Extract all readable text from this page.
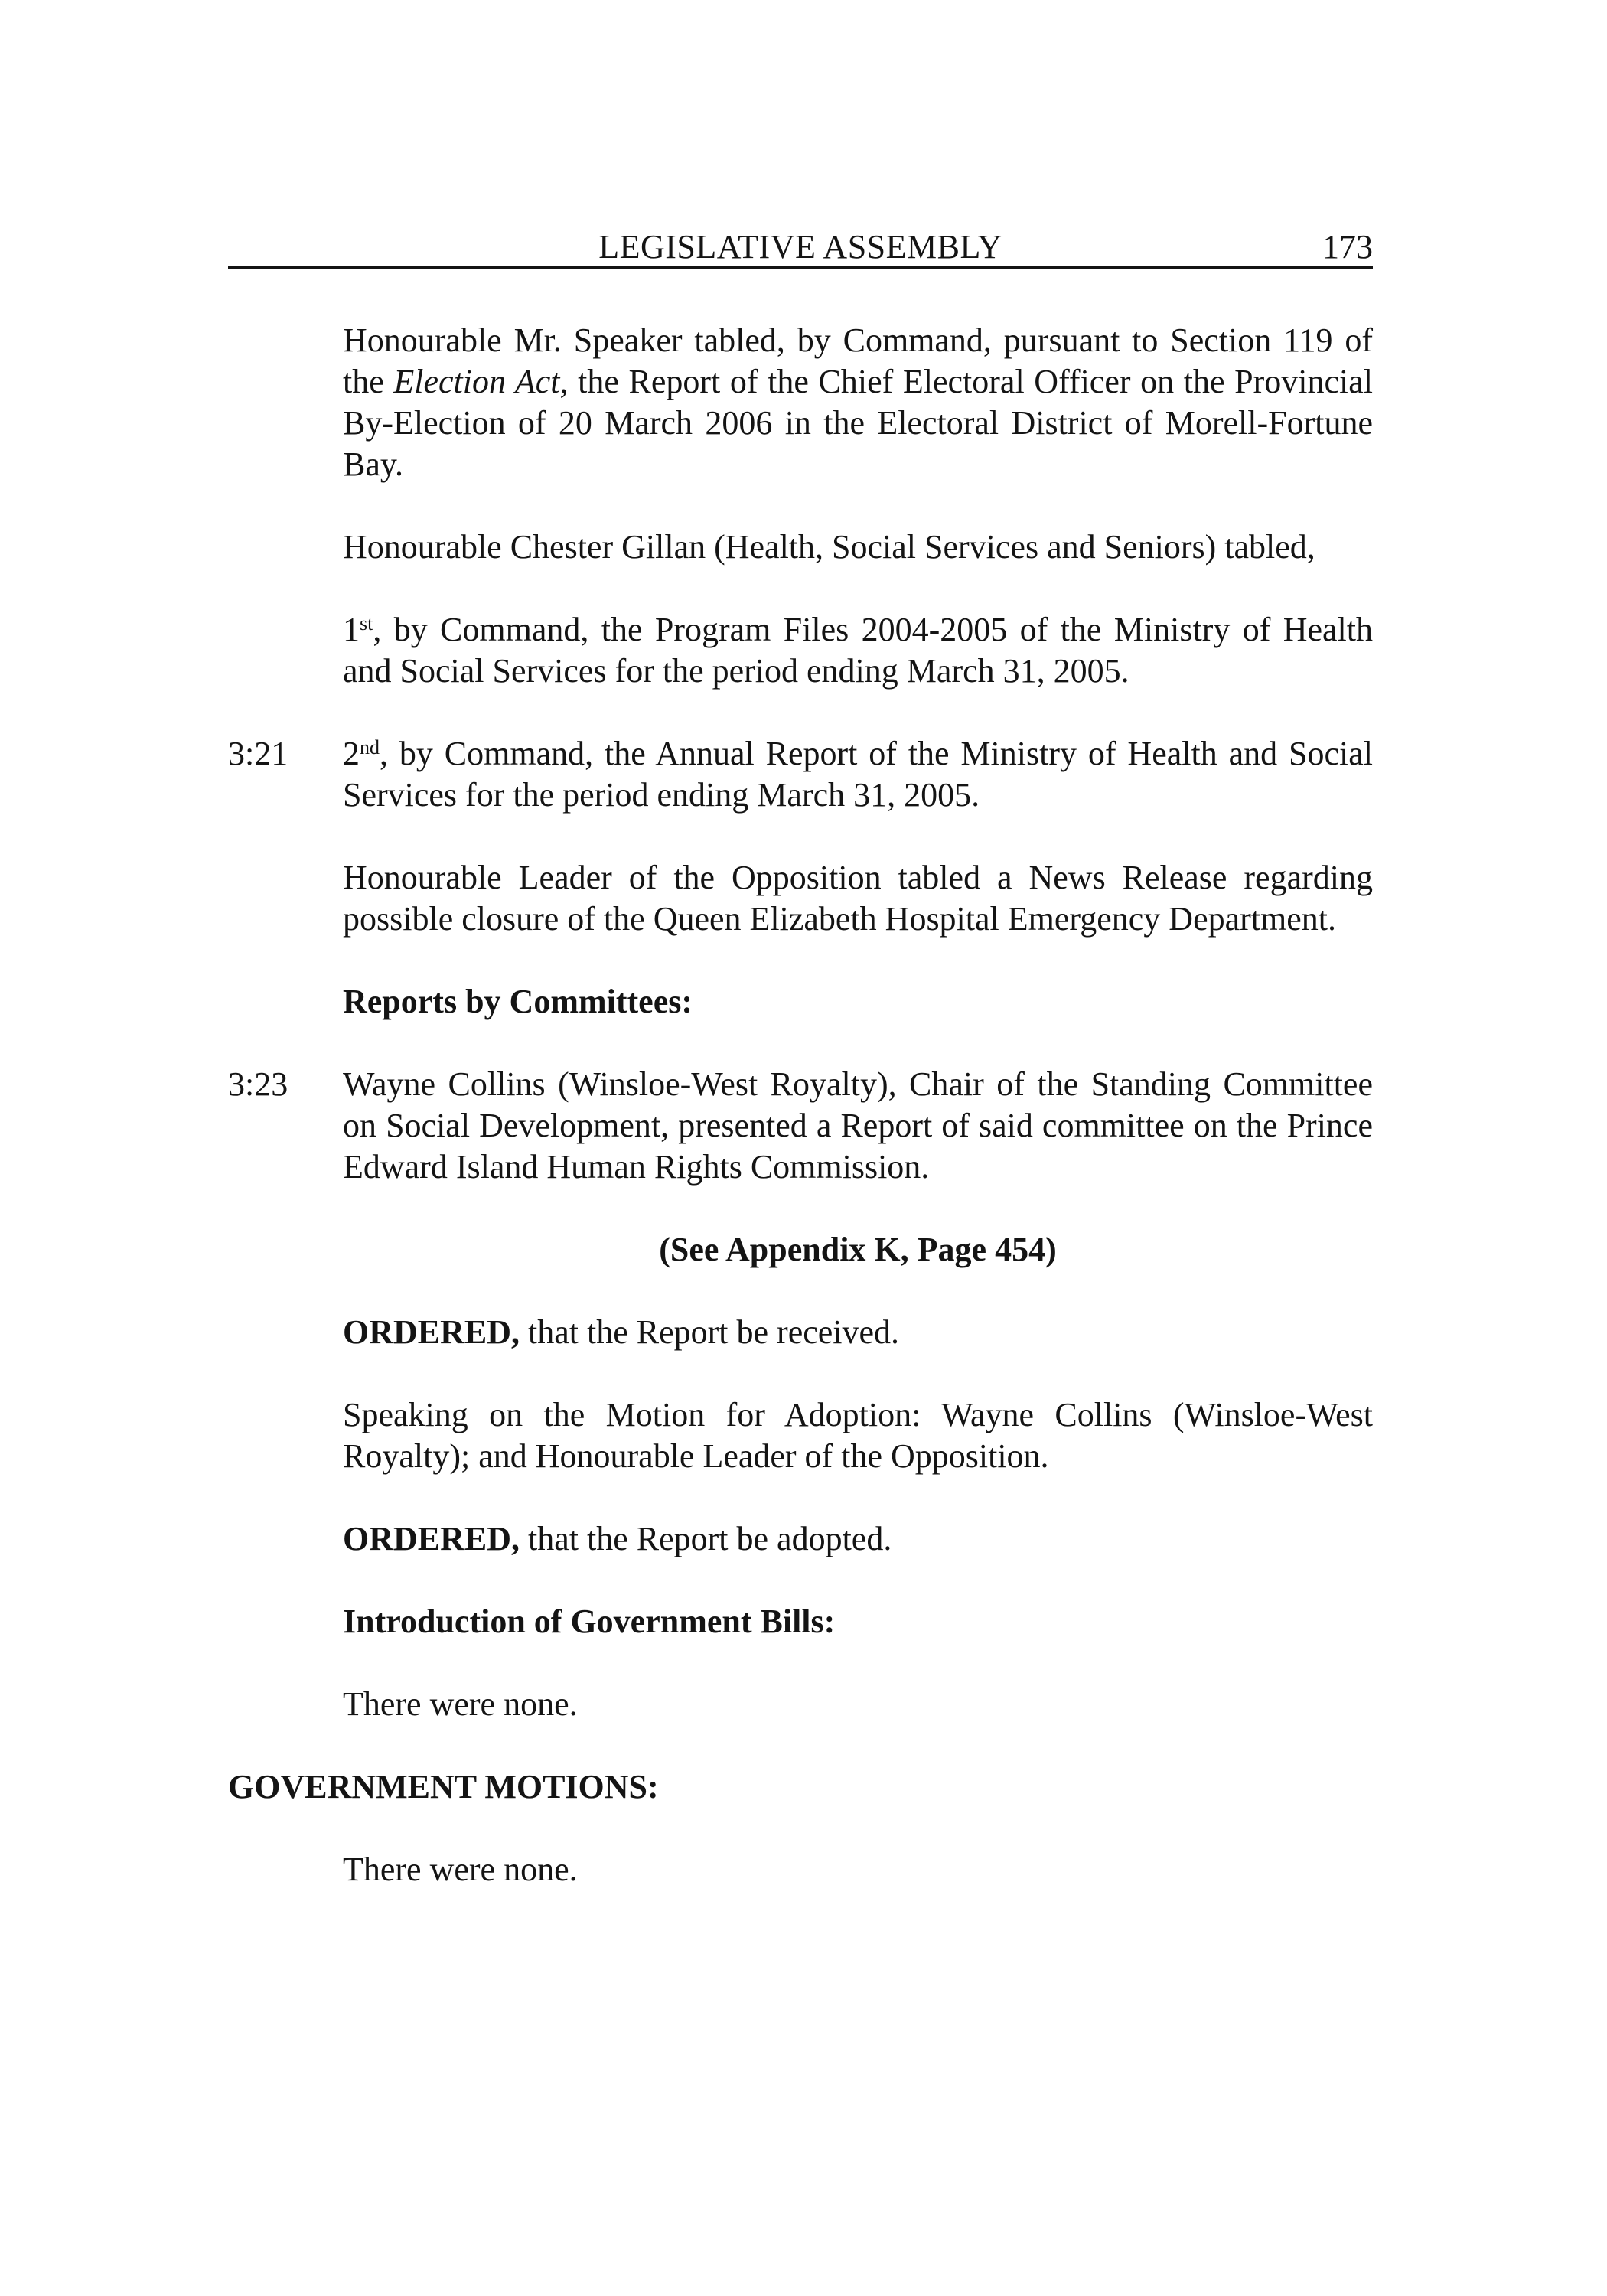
LEGISLATIVE ASSEMBLY	173
Honourable Mr. Speaker tabled, by Command, pursuant to Section 119 of the Election Act, the Report of the Chief Electoral Officer on the Provincial By-Election of 20 March 2006 in the Electoral District of Morell-Fortune Bay.
Honourable Chester Gillan (Health, Social Services and Seniors) tabled,
1st, by Command, the Program Files 2004-2005 of the Ministry of Health and Social Services for the period ending March 31, 2005.
3:21 2nd, by Command, the Annual Report of the Ministry of Health and Social Services for the period ending March 31, 2005.
Honourable Leader of the Opposition tabled a News Release regarding possible closure of the Queen Elizabeth Hospital Emergency Department.
Reports by Committees:
3:23 Wayne Collins (Winsloe-West Royalty), Chair of the Standing Committee on Social Development, presented a Report of said committee on the Prince Edward Island Human Rights Commission.
(See Appendix K, Page 454)
ORDERED, that the Report be received.
Speaking on the Motion for Adoption: Wayne Collins (Winsloe-West Royalty); and Honourable Leader of the Opposition.
ORDERED, that the Report be adopted.
Introduction of Government Bills:
There were none.
GOVERNMENT MOTIONS:
There were none.
